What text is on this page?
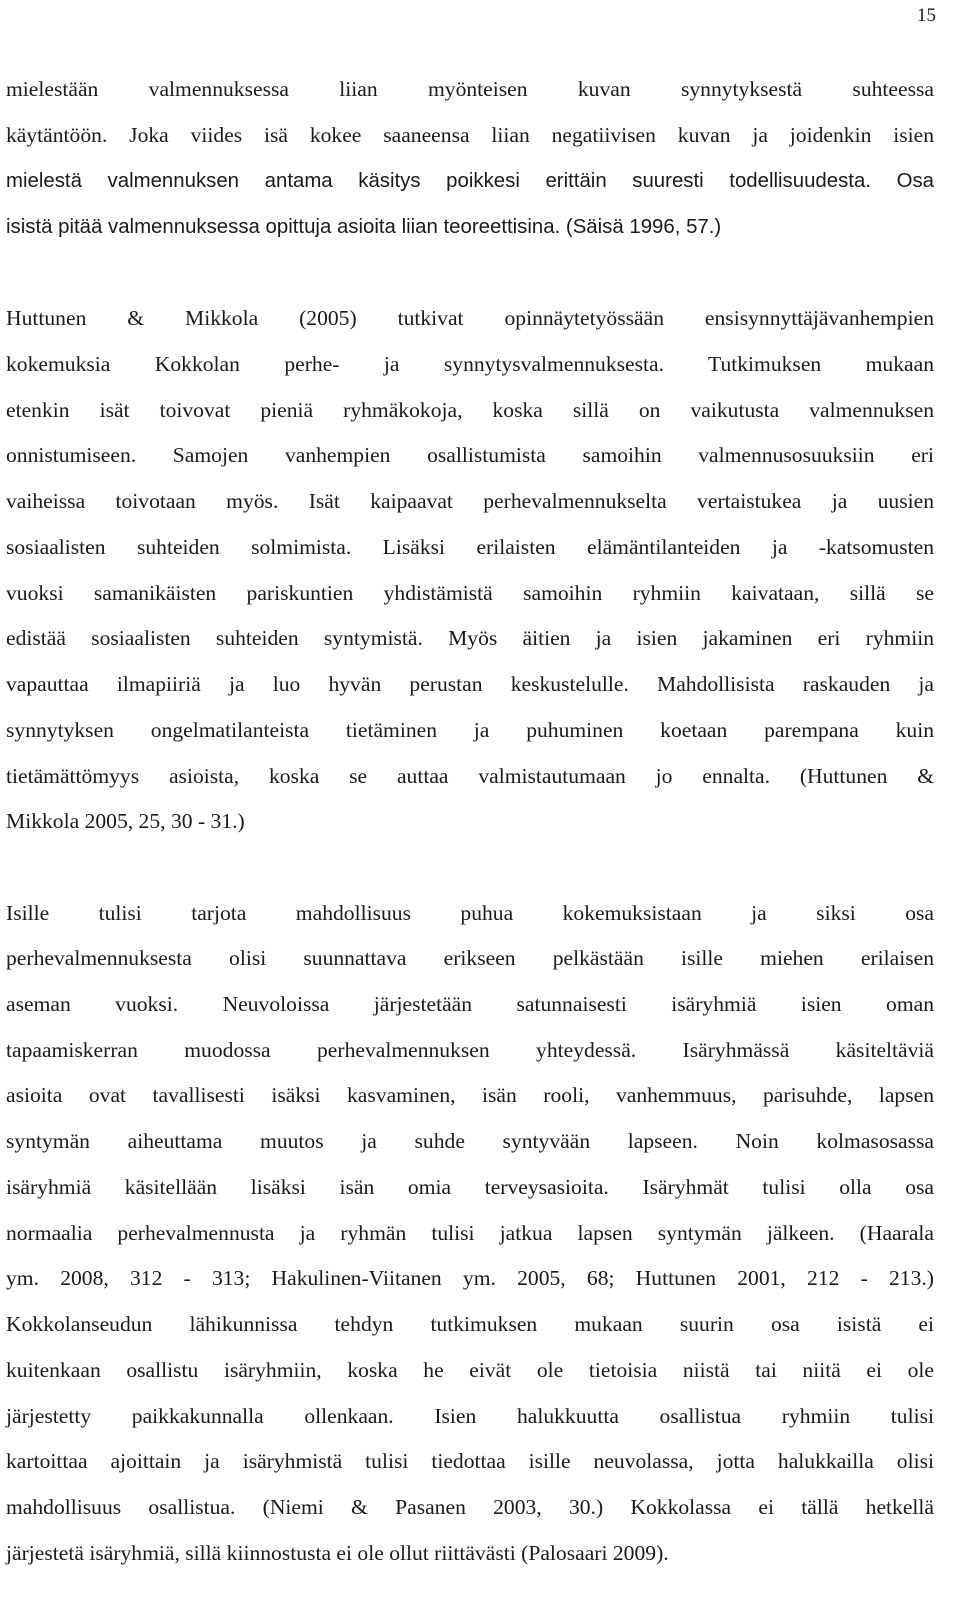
15
mielestään valmennuksessa liian myönteisen kuvan synnytyksestä suhteessa
käytäntöön. Joka viides isä kokee saaneensa liian negatiivisen kuvan ja joidenkin isien
mielestä valmennuksen antama käsitys poikkesi erittäin suuresti todellisuudesta. Osa
isistä pitää valmennuksessa opittuja asioita liian teoreettisina. (Säisä 1996, 57.)
Huttunen & Mikkola (2005) tutkivat opinnäytetyössään ensisynnyttäjävanhempien
kokemuksia Kokkolan perhe- ja synnytysvalmennuksesta. Tutkimuksen mukaan
etenkin isät toivovat pieniä ryhmäkokoja, koska sillä on vaikutusta valmennuksen
onnistumiseen. Samojen vanhempien osallistumista samoihin valmennusosuuksiin eri
vaiheissa toivotaan myös. Isät kaipaavat perhevalmennukselta vertaistukea ja uusien
sosiaalisten suhteiden solmimista. Lisäksi erilaisten elämäntilanteiden ja -katsomusten
vuoksi samanikäisten pariskuntien yhdistämistä samoihin ryhmiin kaivataan, sillä se
edistää sosiaalisten suhteiden syntymistä. Myös äitien ja isien jakaminen eri ryhmiin
vapauttaa ilmapiiriä ja luo hyvän perustan keskustelulle. Mahdollisista raskauden ja
synnytyksen ongelmatilanteista tietäminen ja puhuminen koetaan parempana kuin
tietämättömyys asioista, koska se auttaa valmistautumaan jo ennalta. (Huttunen &
Mikkola 2005, 25, 30 - 31.)
Isille tulisi tarjota mahdollisuus puhua kokemuksistaan ja siksi osa
perhevalmennuksesta olisi suunnattava erikseen pelkästään isille miehen erilaisen
aseman vuoksi. Neuvoloissa järjestetään satunnaisesti isäryhmiä isien oman
tapaamiskerran muodossa perhevalmennuksen yhteydessä. Isäryhmässä käsiteltäviä
asioita ovat tavallisesti isäksi kasvaminen, isän rooli, vanhemmuus, parisuhde, lapsen
syntymän aiheuttama muutos ja suhde syntyvään lapseen. Noin kolmasosassa
isäryhmiä käsitellään lisäksi isän omia terveysasioita. Isäryhmät tulisi olla osa
normaalia perhevalmennusta ja ryhmän tulisi jatkua lapsen syntymän jälkeen. (Haarala
ym. 2008, 312 - 313; Hakulinen-Viitanen ym. 2005, 68; Huttunen 2001, 212 - 213.)
Kokkolanseudun lähikunnissa tehdyn tutkimuksen mukaan suurin osa isistä ei
kuitenkaan osallistu isäryhmiin, koska he eivät ole tietoisia niistä tai niitä ei ole
järjestetty paikkakunnalla ollenkaan. Isien halukkuutta osallistua ryhmiin tulisi
kartoittaa ajoittain ja isäryhmistä tulisi tiedottaa isille neuvolassa, jotta halukkailla olisi
mahdollisuus osallistua. (Niemi & Pasanen 2003, 30.) Kokkolassa ei tällä hetkellä
järjestetä isäryhmiä, sillä kiinnostusta ei ole ollut riittävästi (Palosaari 2009).
